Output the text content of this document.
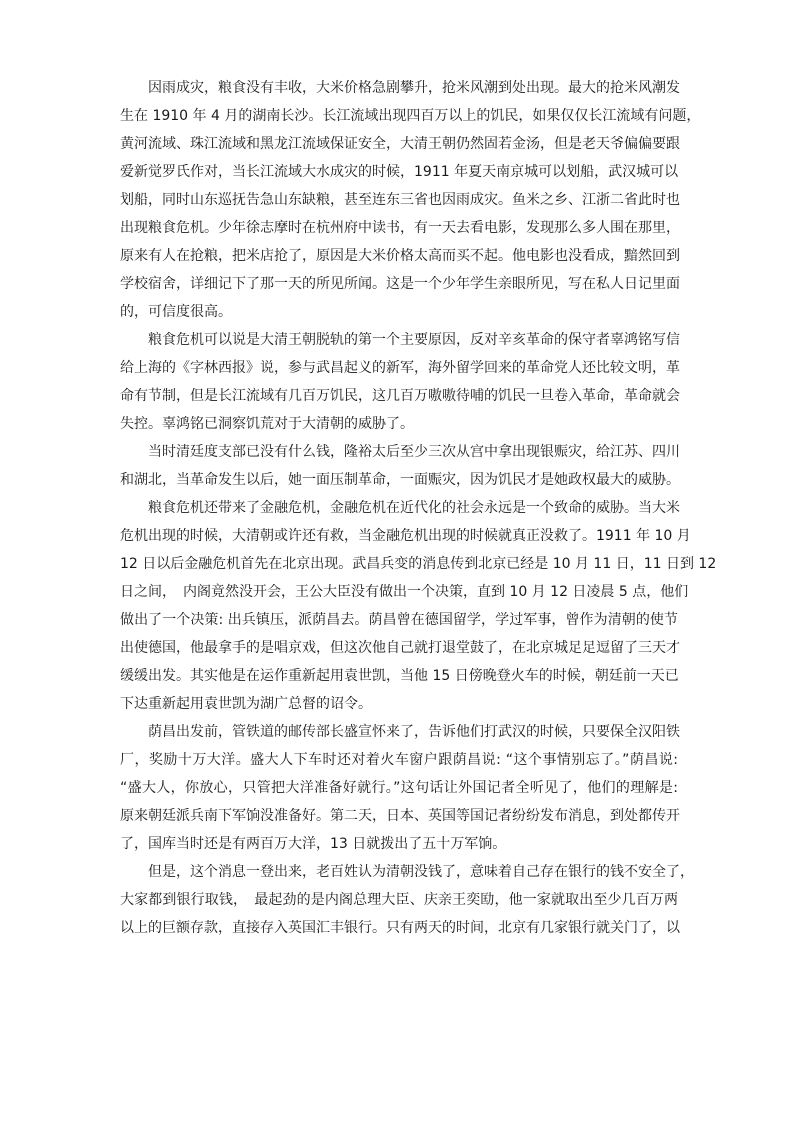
因雨成灾，粮食没有丰收，大米价格急剧攀升，抢米风潮到处出现。最大的抢米风潮发
生在 1910 年 4 月的湖南长沙。长江流域出现四百万以上的饥民，如果仅仅长江流域有问题，
黄河流域、珠江流域和黑龙江流域保证安全，大清王朝仍然固若金汤，但是老天爷偏偏要跟
爱新觉罗氏作对，当长江流域大水成灾的时候，1911 年夏天南京城可以划船，武汉城可以
划船，同时山东巡抚告急山东缺粮，甚至连东三省也因雨成灾。鱼米之乡、江浙二省此时也
出现粮食危机。少年徐志摩时在杭州府中读书，有一天去看电影，发现那么多人围在那里，
原来有人在抢粮，把米店抢了，原因是大米价格太高而买不起。他电影也没看成，黯然回到
学校宿舍，详细记下了那一天的所见所闻。这是一个少年学生亲眼所见，写在私人日记里面
的，可信度很高。
粮食危机可以说是大清王朝脱轨的第一个主要原因，反对辛亥革命的保守者辜鸿铭写信
给上海的《字林西报》说，参与武昌起义的新军，海外留学回来的革命党人还比较文明，革
命有节制，但是长江流域有几百万饥民，这几百万嗷嗷待哺的饥民一旦卷入革命，革命就会
失控。辜鸿铭已洞察饥荒对于大清朝的威胁了。
当时清廷度支部已没有什么钱，隆裕太后至少三次从宫中拿出现银赈灾，给江苏、四川
和湖北，当革命发生以后，她一面压制革命，一面赈灾，因为饥民才是她政权最大的威胁。
粮食危机还带来了金融危机，金融危机在近代化的社会永远是一个致命的威胁。当大米
危机出现的时候，大清朝或许还有救，当金融危机出现的时候就真正没救了。1911 年 10 月
12 日以后金融危机首先在北京出现。武昌兵变的消息传到北京已经是 10 月 11 日，11 日到 12
日之间，　内阁竟然没开会，王公大臣没有做出一个决策，直到 10 月 12 日凌晨 5 点，他们
做出了一个决策: 出兵镇压，派荫昌去。荫昌曾在德国留学，学过军事，曾作为清朝的使节
出使德国，他最拿手的是唱京戏，但这次他自己就打退堂鼓了，在北京城足足逗留了三天才
缓缓出发。其实他是在运作重新起用袁世凯，当他 15 日傍晚登火车的时候，朝廷前一天已
下达重新起用袁世凯为湖广总督的诏令。
荫昌出发前，管铁道的邮传部长盛宣怀来了，告诉他们打武汉的时候，只要保全汉阳铁
厂，奖励十万大洋。盛大人下车时还对着火车窗户跟荫昌说: “这个事情别忘了。”荫昌说:
“盛大人，你放心，只管把大洋准备好就行。”这句话让外国记者全听见了，他们的理解是:
原来朝廷派兵南下军饷没准备好。第二天，日本、英国等国记者纷纷发布消息，到处都传开
了，国库当时还是有两百万大洋，13 日就拨出了五十万军饷。
但是，这个消息一登出来，老百姓认为清朝没钱了，意味着自己存在银行的钱不安全了，
大家都到银行取钱，　最起劲的是内阁总理大臣、庆亲王奕劻，他一家就取出至少几百万两
以上的巨额存款，直接存入英国汇丰银行。只有两天的时间，北京有几家银行就关门了，以
